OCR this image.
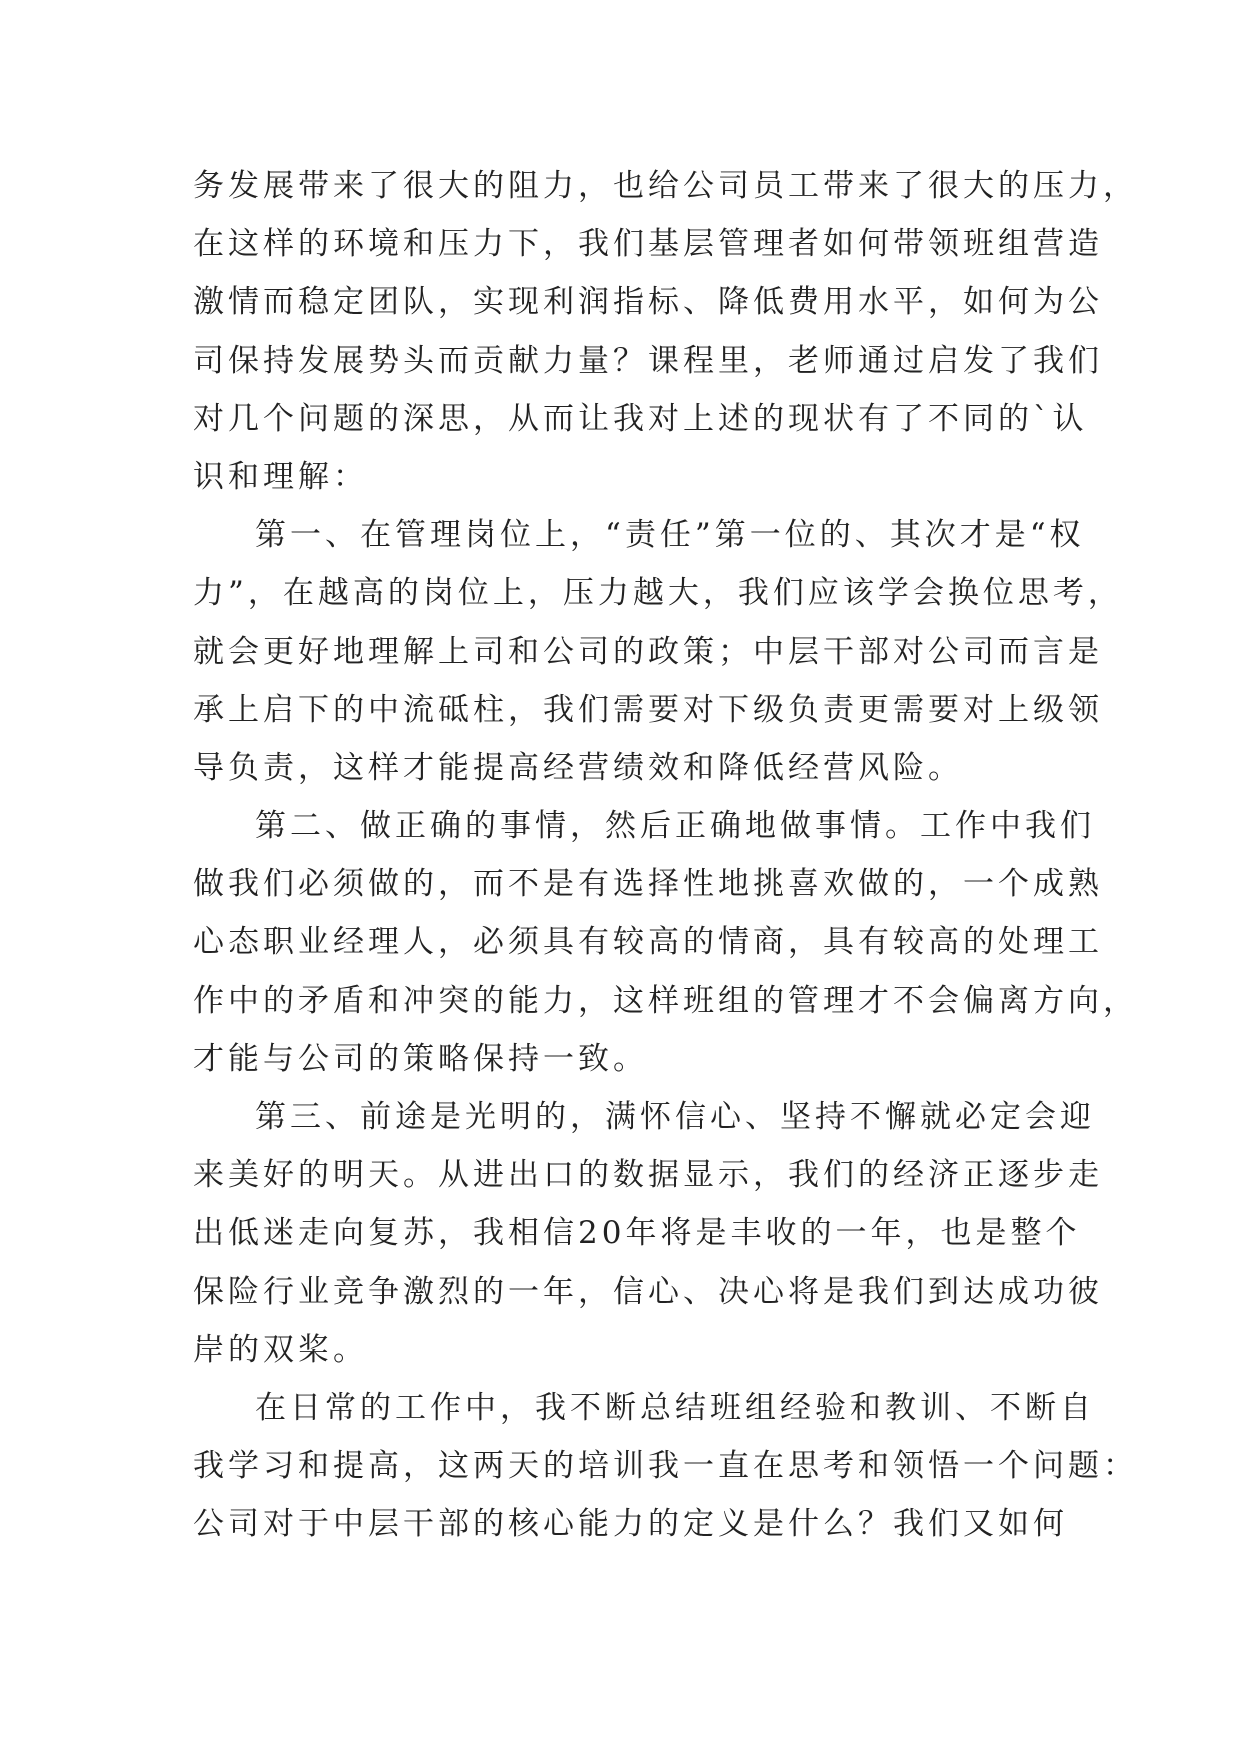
务发展带来了很大的阻力，也给公司员工带来了很大的压力，
在这样的环境和压力下，我们基层管理者如何带领班组营造
激情而稳定团队，实现利润指标、降低费用水平，如何为公
司保持发展势头而贡献力量？课程里，老师通过启发了我们
对几个问题的深思，从而让我对上述的现状有了不同的`认
识和理解：
第一、在管理岗位上，“责任”第一位的、其次才是“权
力”，在越高的岗位上，压力越大，我们应该学会换位思考，
就会更好地理解上司和公司的政策；中层干部对公司而言是
承上启下的中流砥柱，我们需要对下级负责更需要对上级领
导负责，这样才能提高经营绩效和降低经营风险。
第二、做正确的事情，然后正确地做事情。工作中我们
做我们必须做的，而不是有选择性地挑喜欢做的，一个成熟
心态职业经理人，必须具有较高的情商，具有较高的处理工
作中的矛盾和冲突的能力，这样班组的管理才不会偏离方向，
才能与公司的策略保持一致。
第三、前途是光明的，满怀信心、坚持不懈就必定会迎
来美好的明天。从进出口的数据显示，我们的经济正逐步走
出低迷走向复苏，我相信20年将是丰收的一年，也是整个
保险行业竞争激烈的一年，信心、决心将是我们到达成功彼
岸的双桨。
在日常的工作中，我不断总结班组经验和教训、不断自
我学习和提高，这两天的培训我一直在思考和领悟一个问题：
公司对于中层干部的核心能力的定义是什么？我们又如何
